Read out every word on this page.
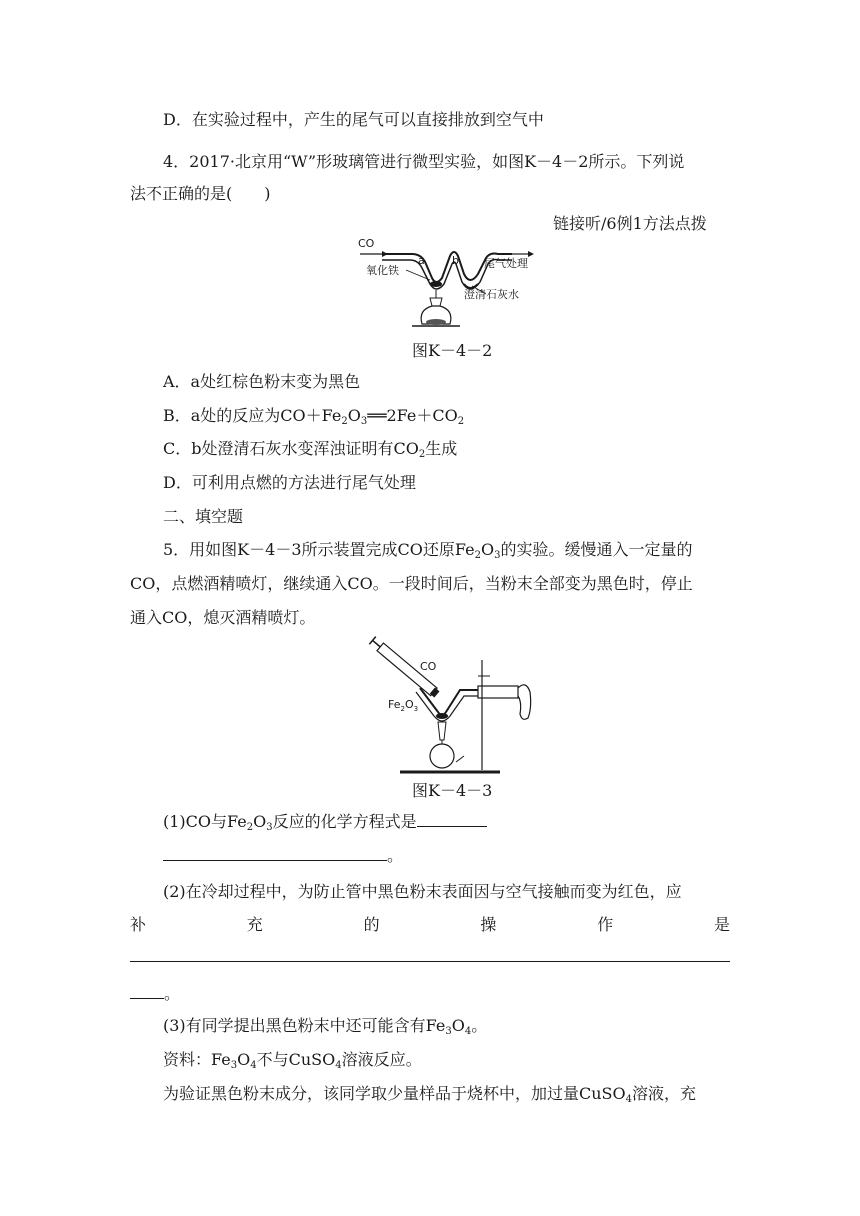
D．在实验过程中，产生的尾气可以直接排放到空气中
4．2017·北京用“W”形玻璃管进行微型实验，如图K－4－2所示。下列说
法不正确的是(　　)
链接听/6例1方法点拨
CO
a b 尾气处理
氧化铁
澄清石灰水
图K－4－2
A．a处红棕色粉末变为黑色
B．a处的反应为$CO+Fe_2O_3══2Fe+CO_2$
C．b处澄清石灰水变浑浊证明有$CO_2$生成
D．可利用点燃的方法进行尾气处理
二、填空题
5．用如图K－4－3所示装置完成CO还原$Fe_2O_3$的实验。缓慢通入一定量的
CO，点燃酒精喷灯，继续通入CO。一段时间后，当粉末全部变为黑色时，停止
通入CO，熄灭酒精喷灯。
CO
$Fe_2O_3$
图K－4－3
(1)CO与$Fe_2O_3$反应的化学方程式是
。
(2)在冷却过程中，为防止管中黑色粉末表面因与空气接触而变为红色，应
补	充	的	操	作	是
。
(3)有同学提出黑色粉末中还可能含有$Fe_3O_4$。
资料：$Fe_3O_4$不与CuSO$_4$溶液反应。
为验证黑色粉末成分，该同学取少量样品于烧杯中，加过量CuSO$_4$溶液，充
